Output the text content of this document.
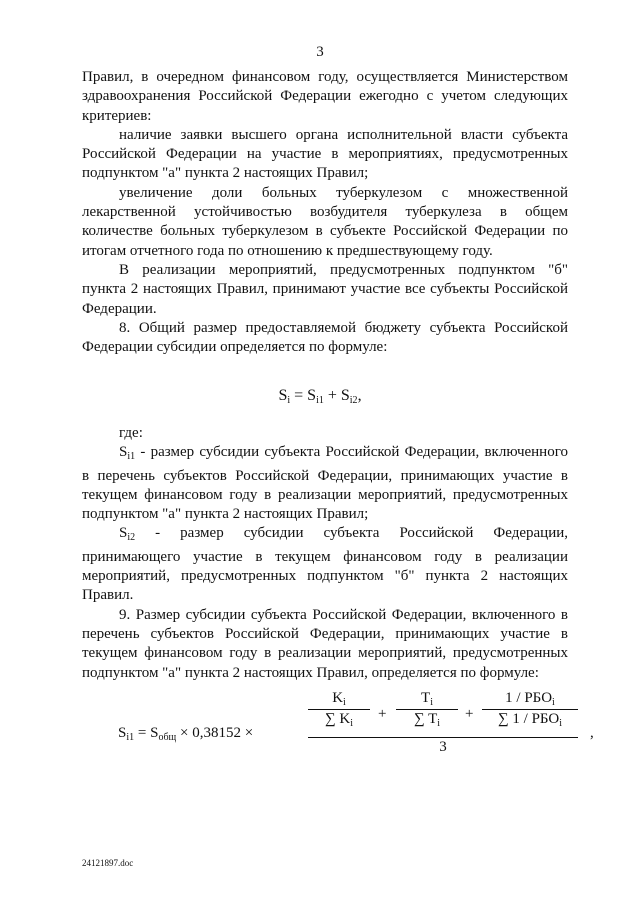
3

Правил, в очередном финансовом году, осуществляется Министерством здравоохранения Российской Федерации ежегодно с учетом следующих критериев:

наличие заявки высшего органа исполнительной власти субъекта Российской Федерации на участие в мероприятиях, предусмотренных подпунктом "а" пункта 2 настоящих Правил;

увеличение доли больных туберкулезом с множественной лекарственной устойчивостью возбудителя туберкулеза в общем количестве больных туберкулезом в субъекте Российской Федерации по итогам отчетного года по отношению к предшествующему году.

В реализации мероприятий, предусмотренных подпунктом "б" пункта 2 настоящих Правил, принимают участие все субъекты Российской Федерации.

8. Общий размер предоставляемой бюджету субъекта Российской Федерации субсидии определяется по формуле:

$S_i = S_{i1} + S_{i2}$,

где:

$S_{i1}$ - размер субсидии субъекта Российской Федерации, включенного в перечень субъектов Российской Федерации, принимающих участие в текущем финансовом году в реализации мероприятий, предусмотренных подпунктом "а" пункта 2 настоящих Правил;

$S_{i2}$ - размер субсидии субъекта Российской Федерации, принимающего участие в текущем финансовом году в реализации мероприятий, предусмотренных подпунктом "б" пункта 2 настоящих Правил.

9. Размер субсидии субъекта Российской Федерации, включенного в перечень субъектов Российской Федерации, принимающих участие в текущем финансовом году в реализации мероприятий, предусмотренных подпунктом "а" пункта 2 настоящих Правил, определяется по формуле:

$S_{i1} = S_{общ} \times 0,38152$ ×
$K_i$
∑ $K_i$
+
$T_i$
∑ $T_i$
+
$1 / РБО_i$
∑ $1 / РБО_i$
3
,
24121897.doc
